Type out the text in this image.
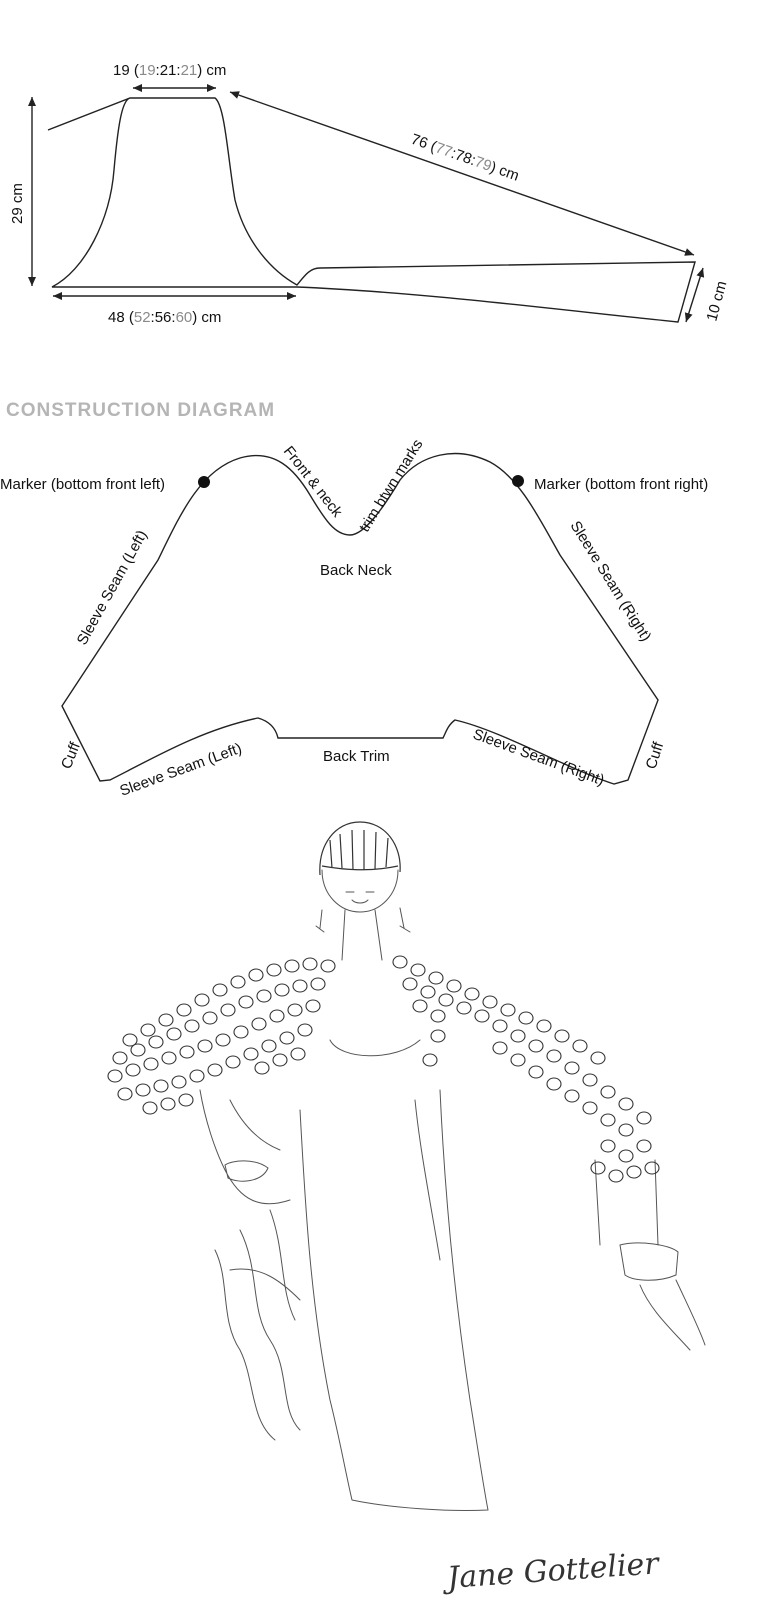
19 (19:21:21) cm
29 cm
48 (52:56:60) cm
76 (77:78:79) cm
10 cm
CONSTRUCTION DIAGRAM
Marker (bottom front left)	Marker (bottom front right)
Front & neck trim btwn marks
Back Neck
Sleeve Seam (Left)	Sleeve Seam (Right)
Cuff	Cuff
Sleeve Seam (Left)	Sleeve Seam (Right)
Back Trim
Jane Gottelier
